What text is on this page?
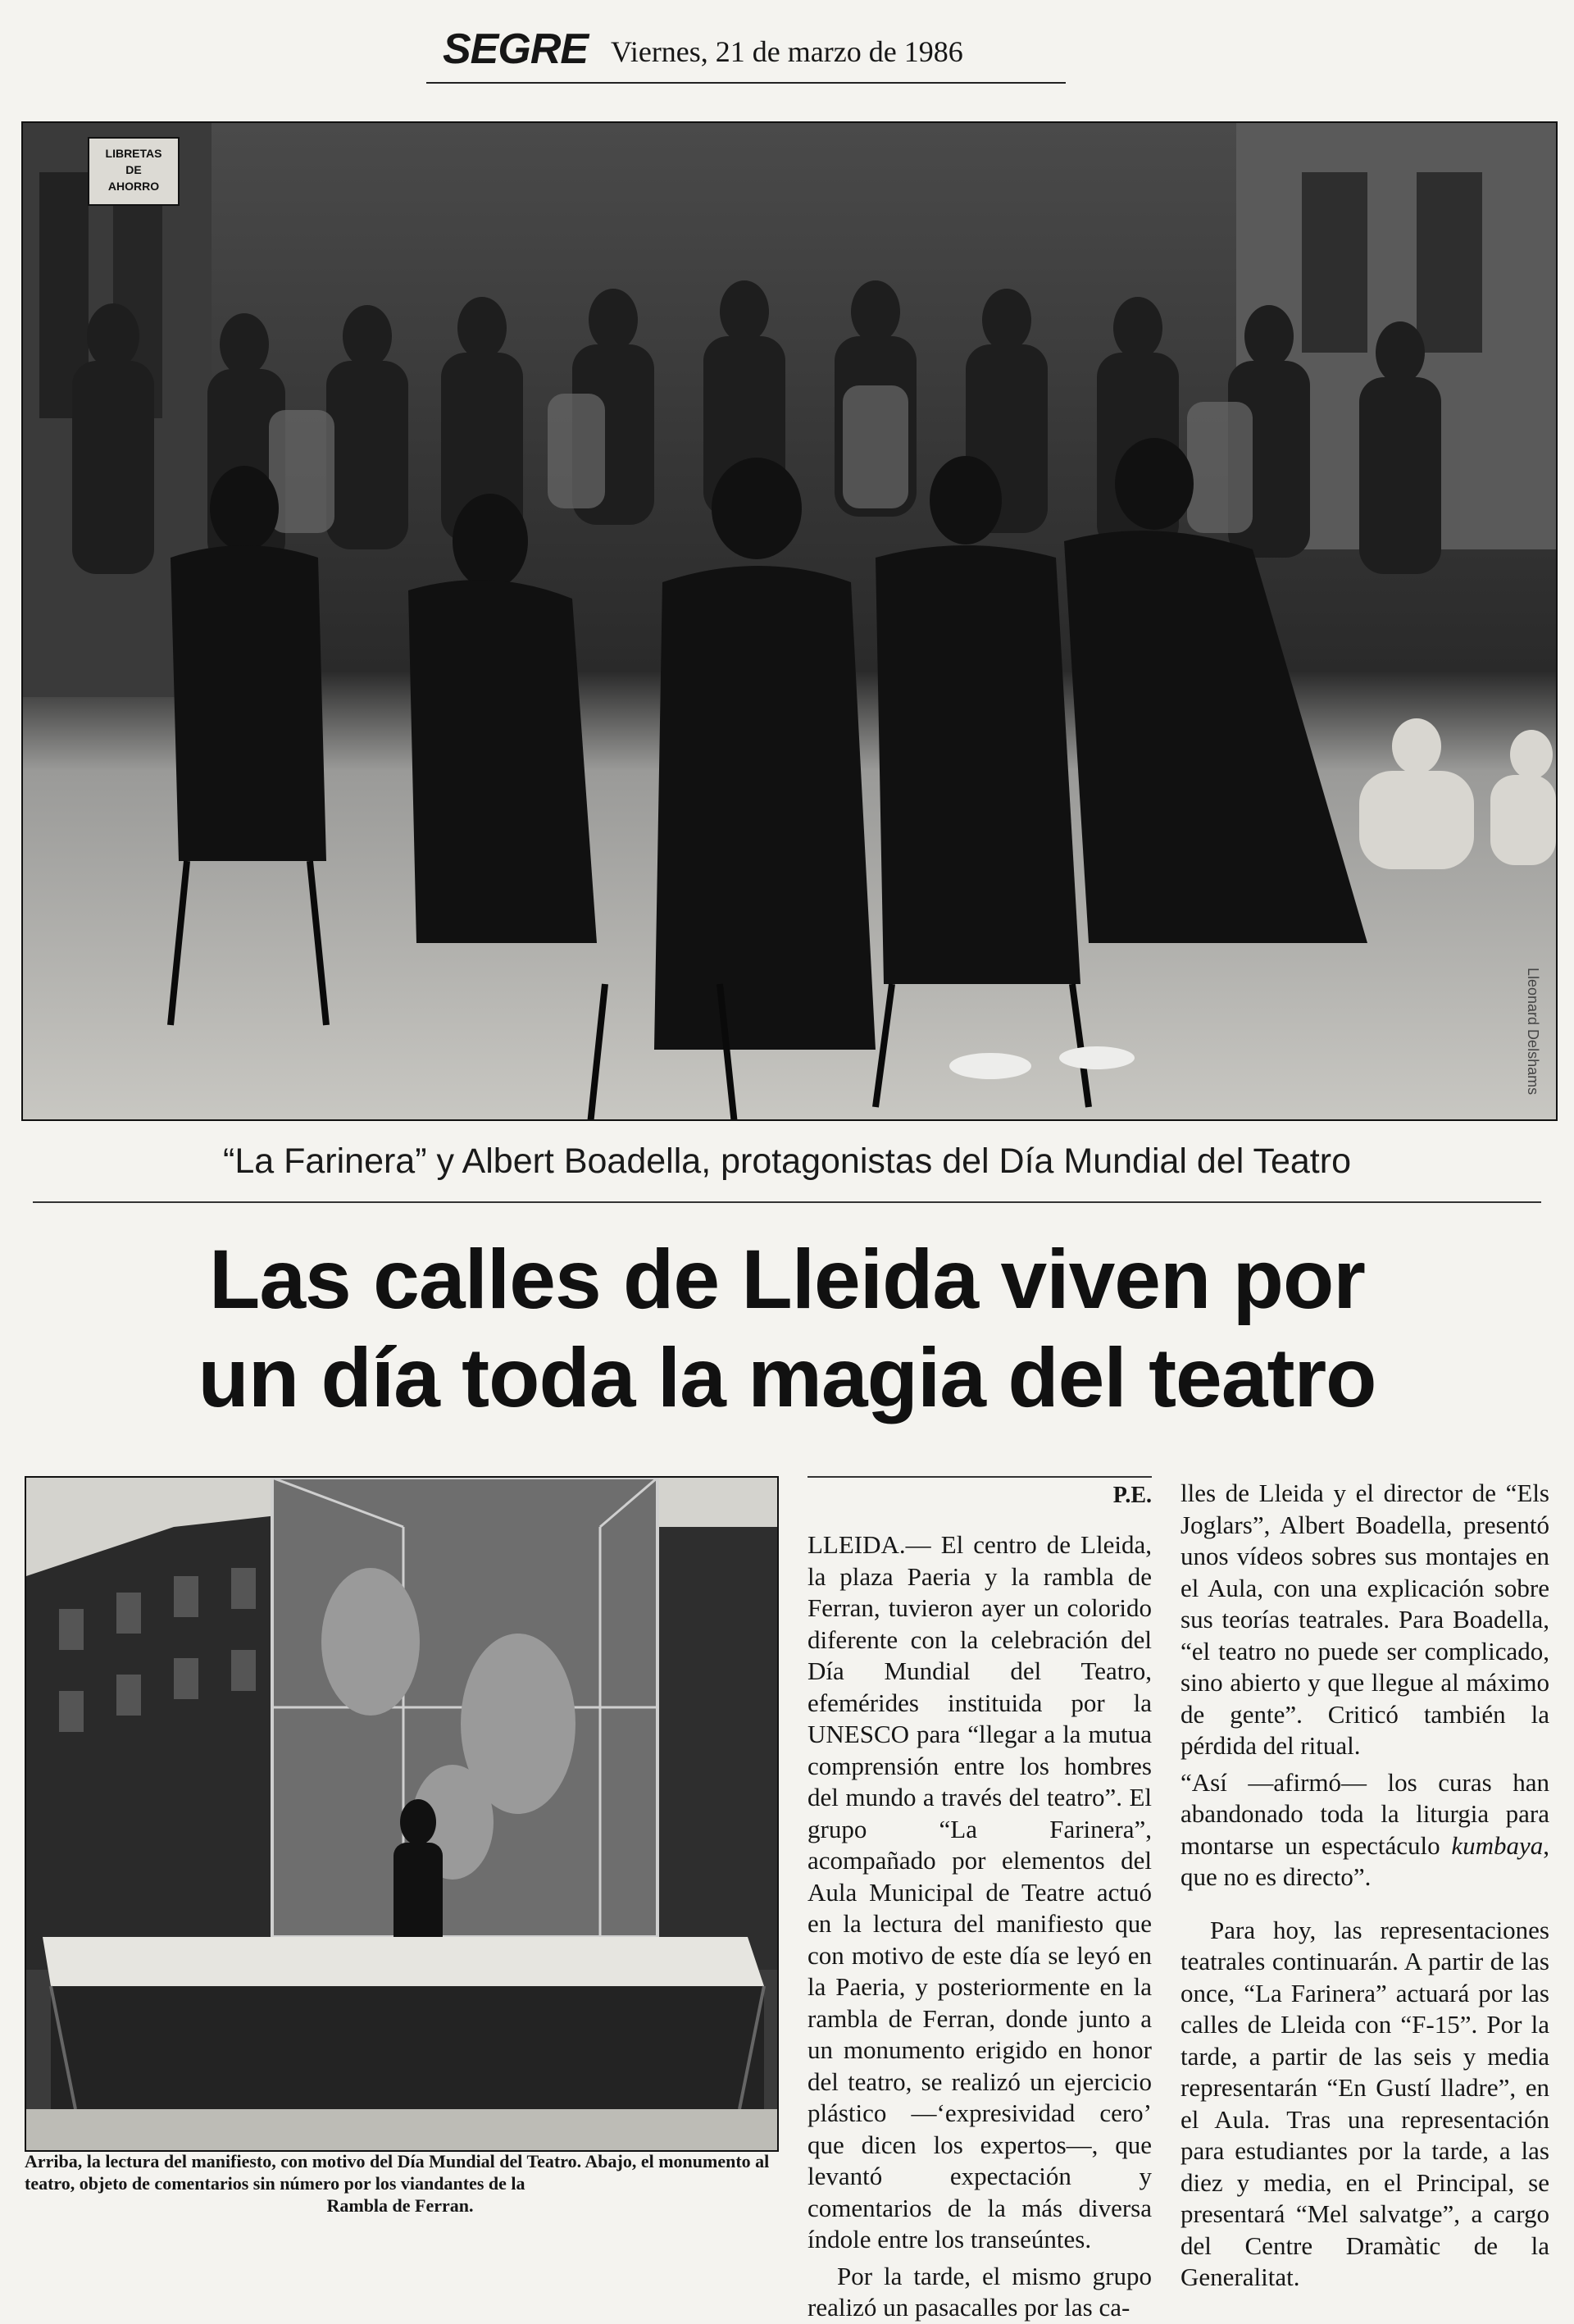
SEGRE Viernes, 21 de marzo de 1986
LIBRETAS
DE
AHORRO
Lleonard Delshams
“La Farinera” y Albert Boadella, protagonistas del Día Mundial del Teatro
Las calles de Lleida viven por
un día toda la magia del teatro
Arriba, la lectura del manifiesto, con motivo del Día Mundial del Teatro. Abajo, el monumento al teatro, objeto de comentarios sin número por los viandantes de la
Rambla de Ferran.
P.E.

LLEIDA.— El centro de Lleida, la plaza Paeria y la rambla de Ferran, tuvieron ayer un colorido diferente con la celebración del Día Mundial del Teatro, efemérides instituida por la UNESCO para “llegar a la mutua comprensión entre los hombres del mundo a través del teatro”. El grupo “La Farinera”, acompañado por elementos del Aula Municipal de Teatre actuó en la lectura del manifiesto que con motivo de este día se leyó en la Paeria, y posteriormente en la rambla de Ferran, donde junto a un monumento erigido en honor del teatro, se realizó un ejercicio plástico —‘expresividad cero’ que dicen los expertos—, que levantó expectación y comentarios de la más diversa índole entre los transeúntes.

Por la tarde, el mismo grupo realizó un pasacalles por las ca-

lles de Lleida y el director de “Els Joglars”, Albert Boadella, presentó unos vídeos sobres sus montajes en el Aula, con una explicación sobre sus teorías teatrales. Para Boadella, “el teatro no puede ser complicado, sino abierto y que llegue al máximo de gente”. Criticó también la pérdida del ritual.

“Así —afirmó— los curas han abandonado toda la liturgia para montarse un espectáculo kumbaya, que no es directo”.

Para hoy, las representaciones teatrales continuarán. A partir de las once, “La Farinera” actuará por las calles de Lleida con “F-15”. Por la tarde, a partir de las seis y media representarán “En Gustí lladre”, en el Aula. Tras una representación para estudiantes por la tarde, a las diez y media, en el Principal, se presentará “Mel salvatge”, a cargo del Centre Dramàtic de la Generalitat.
